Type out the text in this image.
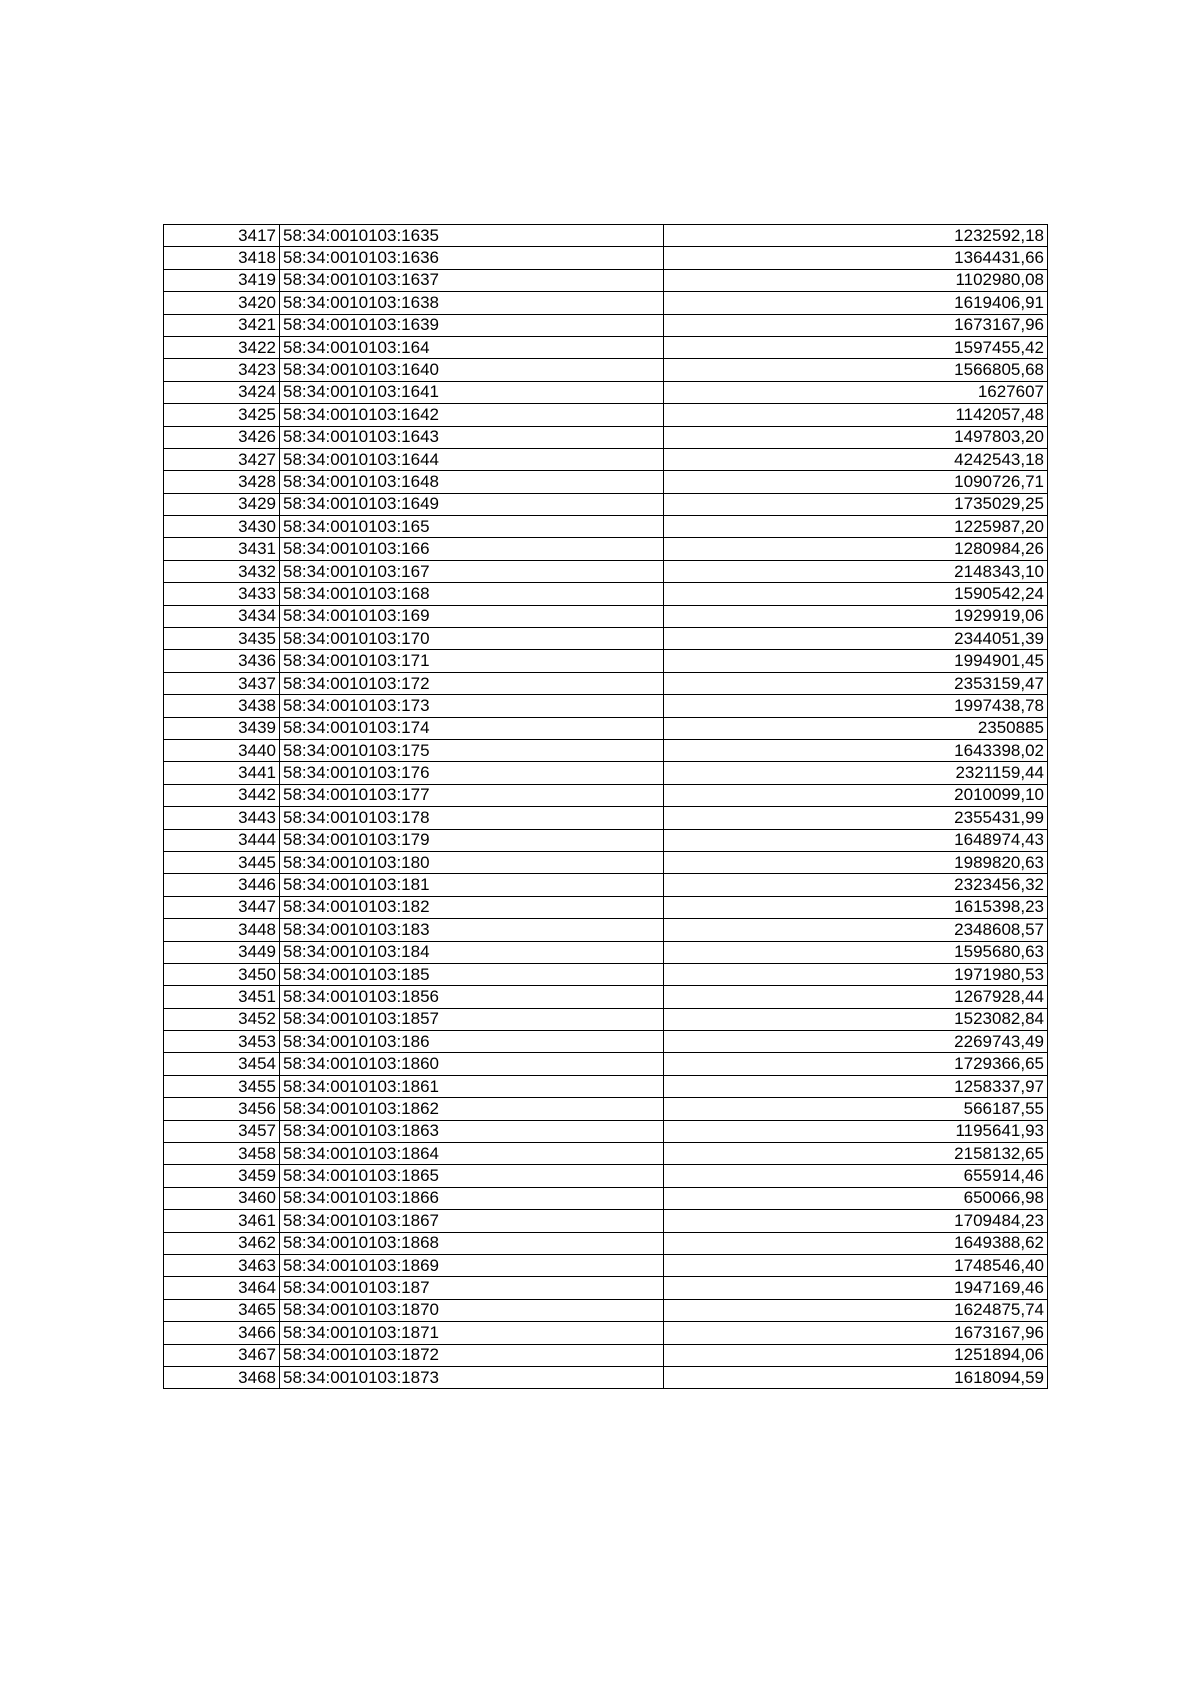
3417	58:34:0010103:1635	1232592,18
3418	58:34:0010103:1636	1364431,66
3419	58:34:0010103:1637	1102980,08
3420	58:34:0010103:1638	1619406,91
3421	58:34:0010103:1639	1673167,96
3422	58:34:0010103:164	1597455,42
3423	58:34:0010103:1640	1566805,68
3424	58:34:0010103:1641	1627607
3425	58:34:0010103:1642	1142057,48
3426	58:34:0010103:1643	1497803,20
3427	58:34:0010103:1644	4242543,18
3428	58:34:0010103:1648	1090726,71
3429	58:34:0010103:1649	1735029,25
3430	58:34:0010103:165	1225987,20
3431	58:34:0010103:166	1280984,26
3432	58:34:0010103:167	2148343,10
3433	58:34:0010103:168	1590542,24
3434	58:34:0010103:169	1929919,06
3435	58:34:0010103:170	2344051,39
3436	58:34:0010103:171	1994901,45
3437	58:34:0010103:172	2353159,47
3438	58:34:0010103:173	1997438,78
3439	58:34:0010103:174	2350885
3440	58:34:0010103:175	1643398,02
3441	58:34:0010103:176	2321159,44
3442	58:34:0010103:177	2010099,10
3443	58:34:0010103:178	2355431,99
3444	58:34:0010103:179	1648974,43
3445	58:34:0010103:180	1989820,63
3446	58:34:0010103:181	2323456,32
3447	58:34:0010103:182	1615398,23
3448	58:34:0010103:183	2348608,57
3449	58:34:0010103:184	1595680,63
3450	58:34:0010103:185	1971980,53
3451	58:34:0010103:1856	1267928,44
3452	58:34:0010103:1857	1523082,84
3453	58:34:0010103:186	2269743,49
3454	58:34:0010103:1860	1729366,65
3455	58:34:0010103:1861	1258337,97
3456	58:34:0010103:1862	566187,55
3457	58:34:0010103:1863	1195641,93
3458	58:34:0010103:1864	2158132,65
3459	58:34:0010103:1865	655914,46
3460	58:34:0010103:1866	650066,98
3461	58:34:0010103:1867	1709484,23
3462	58:34:0010103:1868	1649388,62
3463	58:34:0010103:1869	1748546,40
3464	58:34:0010103:187	1947169,46
3465	58:34:0010103:1870	1624875,74
3466	58:34:0010103:1871	1673167,96
3467	58:34:0010103:1872	1251894,06
3468	58:34:0010103:1873	1618094,59
